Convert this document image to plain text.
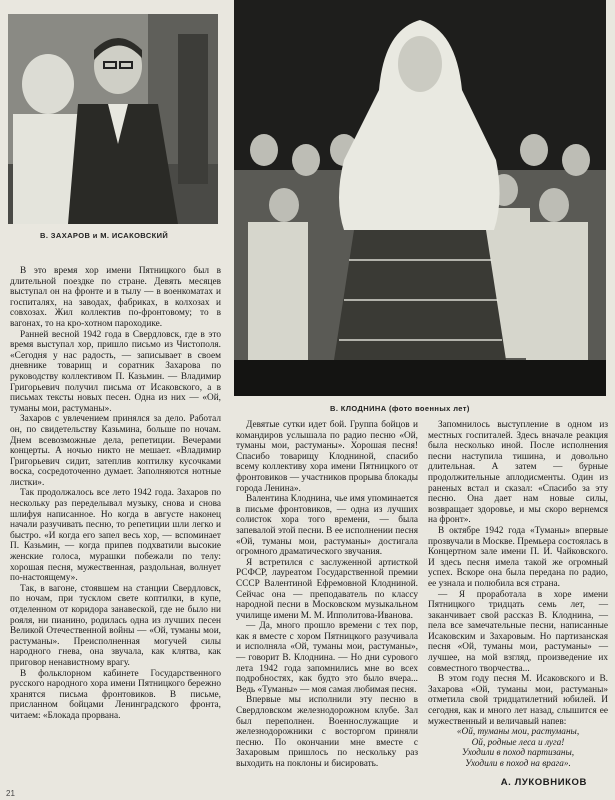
В. ЗАХАРОВ и М. ИСАКОВСКИЙ
В. КЛОДНИНА (фото военных лет)

В это время хор имени Пятницкого был в длительной поездке по стране. Девять месяцев выступал он на фронте и в тылу — в военкоматах и госпиталях, на заводах, фабриках, в колхозах и совхозах. Жил коллектив по-фронтовому; то в вагонах, то на кро-хотном пароходике.

Ранней весной 1942 года в Свердловск, где в это время выступал хор, пришло письмо из Чистополя. «Сегодня у нас радость, — записывает в своем дневнике товарищ и соратник Захарова по руководству коллективом П. Казьмин. — Владимир Григорьевич получил письма от Исаковского, а в письмах тексты новых песен. Одна из них — «Ой, туманы мои, растуманы».

Захаров с увлечением принялся за дело. Работал он, по свидетельству Казьмина, больше по ночам. Днем всевозможные дела, репетиции. Вечерами концерты. А ночью никто не мешает. «Владимир Григорьевич сидит, затеплив коптилку кусочками воска, сосредоточенно думает. Заполняются нотные листки».

Так продолжалось все лето 1942 года. Захаров по нескольку раз переделывал музыку, снова и снова шлифуя написанное. Но когда в августе наконец начали разучивать песню, то репетиции шли легко и быстро. «И когда его запел весь хор, — вспоминает П. Казьмин, — когда припев подхватили высокие женские голоса, мурашки побежали по телу: хорошая песня, мужественная, раздольная, волнует по-настоящему».

Так, в вагоне, стоявшем на станции Свердловск, по ночам, при тусклом свете коптилки, в купе, отделенном от коридора занавеской, где не было ни рояля, ни пианино, родилась одна из лучших песен Великой Отечественной войны — «Ой, туманы мои, растуманы». Преисполненная могучей силы народного гнева, она звучала, как клятва, как приговор ненавистному врагу.

В фольклорном кабинете Государственного русского народного хора имени Пятницкого бережно хранятся письма фронтовиков. В письме, присланном бойцами Ленинградского фронта, читаем: «Блокада прорвана.

Девятые сутки идет бой. Группа бойцов и командиров услышала по радио песню «Ой, туманы мои, растуманы». Хорошая песня! Спасибо товарищу Клодниной, спасибо всему коллективу хора имени Пятницкого от фронтовиков — участников прорыва блокады города Ленина».

Валентина Клоднина, чье имя упоминается в письме фронтовиков, — одна из лучших солисток хора того времени, — была запевалой этой песни. В ее исполнении песня «Ой, туманы мои, растуманы» достигала огромного драматического звучания.

Я встретился с заслуженной артисткой РСФСР, лауреатом Государственной премии СССР Валентиной Ефремовной Клодниной. Сейчас она — преподаватель по классу народной песни в Московском музыкальном училище имени М. М. Ипполитова-Иванова.

— Да, много прошло времени с тех пор, как я вместе с хором Пятницкого разучивала и исполняла «Ой, туманы мои, растуманы», — говорит В. Клоднина. — Но дни сурового лета 1942 года запомнились мне во всех подробностях, как будто это было вчера... Ведь «Туманы» — моя самая любимая песня.

Впервые мы исполнили эту песню в Свердловском железнодорожном клубе. Зал был переполнен. Военнослужащие и железнодорожники с восторгом приняли песню. По окончании мне вместе с Захаровым пришлось по нескольку раз выходить на поклоны и бисировать.

Запомнилось выступление в одном из местных госпиталей. Здесь вначале реакция была несколько иной. После исполнения песни наступила тишина, и довольно длительная. А затем — бурные продолжительные аплодисменты. Один из раненых встал и сказал: «Спасибо за эту песню. Она дает нам новые силы, возвращает здоровье, и мы скоро вернемся на фронт».

В октябре 1942 года «Туманы» впервые прозвучали в Москве. Премьера состоялась в Концертном зале имени П. И. Чайковского. И здесь песня имела такой же огромный успех. Вскоре она была передана по радио, ее узнала и полюбила вся страна.

— Я проработала в хоре имени Пятницкого тридцать семь лет, — заканчивает свой рассказ В. Клоднина, — пела все замечательные песни, написанные Исаковским и Захаровым. Но партизанская песня «Ой, туманы мои, растуманы» — лучшее, на мой взгляд, произведение их совместного творчества...

В этом году песня М. Исаковского и В. Захарова «Ой, туманы мои, растуманы» отметила свой тридцатилетний юбилей. И сегодня, как и много лет назад, слышится ее мужественный и величавый напев:

«Ой, туманы мои, растуманы,

Ой, родные леса и луга!

Уходили в поход партизаны,

Уходили в поход на врага».

А. ЛУКОВНИКОВ
21
